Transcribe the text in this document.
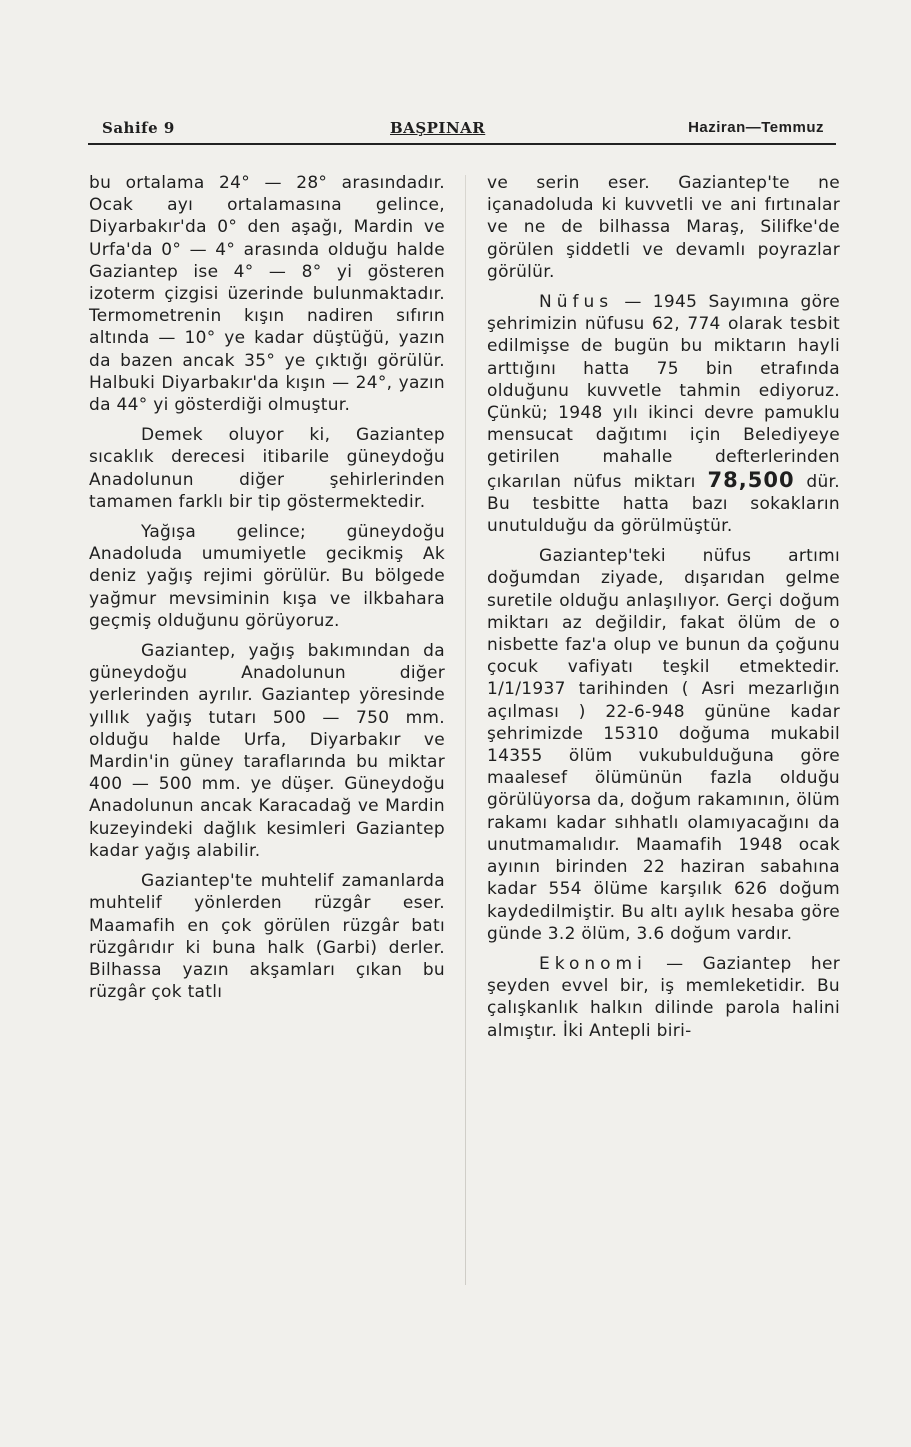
Sahife 9	BAŞPINAR	Haziran—Temmuz

bu ortalama 24° — 28° arasındadır. Ocak ayı ortalamasına gelince, Diyarbakır'da 0° den aşağı, Mardin ve Urfa'da 0° — 4° arasında olduğu halde Gaziantep ise 4° — 8° yi gösteren izoterm çizgisi üzerinde bulunmaktadır. Termometrenin kışın nadiren sıfırın altında — 10° ye kadar düştüğü, yazın da bazen ancak 35° ye çıktığı görülür. Halbuki Diyarbakır'da kışın — 24°, yazın da 44° yi gösterdiği olmuştur.

Demek oluyor ki, Gaziantep sıcaklık derecesi itibarile güneydoğu Anadolunun diğer şehirlerinden tamamen farklı bir tip göstermektedir.

Yağışa gelince; güneydoğu Anadoluda umumiyetle gecikmiş Ak deniz yağış rejimi görülür. Bu bölgede yağmur mevsiminin kışa ve ilkbahara geçmiş olduğunu görüyoruz.

Gaziantep, yağış bakımından da güneydoğu Anadolunun diğer yerlerinden ayrılır. Gaziantep yöresinde yıllık yağış tutarı 500 — 750 mm. olduğu halde Urfa, Diyarbakır ve Mardin'in güney taraflarında bu miktar 400 — 500 mm. ye düşer. Güneydoğu Anadolunun ancak Karacadağ ve Mardin kuzeyindeki dağlık kesimleri Gaziantep kadar yağış alabilir.

Gaziantep'te muhtelif zamanlarda muhtelif yönlerden rüzgâr eser. Maamafih en çok görülen rüzgâr batı rüzgârıdır ki buna halk (Garbi) derler. Bilhassa yazın akşamları çıkan bu rüzgâr çok tatlı

ve serin eser. Gaziantep'te ne içanadoluda ki kuvvetli ve ani fırtınalar ve ne de bilhassa Maraş, Silifke'de görülen şiddetli ve devamlı poyrazlar görülür.

Nüfus — 1945 Sayımına göre şehrimizin nüfusu 62, 774 olarak tesbit edilmişse de bugün bu miktarın hayli arttığını hatta 75 bin etrafında olduğunu kuvvetle tahmin ediyoruz. Çünkü; 1948 yılı ikinci devre pamuklu mensucat dağıtımı için Belediyeye getirilen mahalle defterlerinden çıkarılan nüfus miktarı 78,500 dür. Bu tesbitte hatta bazı sokakların unutulduğu da görülmüştür.

Gaziantep'teki nüfus artımı doğumdan ziyade, dışarıdan gelme suretile olduğu anlaşılıyor. Gerçi doğum miktarı az değildir, fakat ölüm de o nisbette faz'a olup ve bunun da çoğunu çocuk vafiyatı teşkil etmektedir. 1/1/1937 tarihinden ( Asri mezarlığın açılması ) 22-6-948 gününe kadar şehrimizde 15310 doğuma mukabil 14355 ölüm vukubulduğuna göre maalesef ölümünün fazla olduğu görülüyorsa da, doğum rakamının, ölüm rakamı kadar sıhhatlı olamıyacağını da unutmamalıdır. Maamafih 1948 ocak ayının birinden 22 haziran sabahına kadar 554 ölüme karşılık 626 doğum kaydedilmiştir. Bu altı aylık hesaba göre günde 3.2 ölüm, 3.6 doğum vardır.

Ekonomi — Gaziantep her şeyden evvel bir, iş memleketidir. Bu çalışkanlık halkın dilinde parola halini almıştır. İki Antepli biri-
